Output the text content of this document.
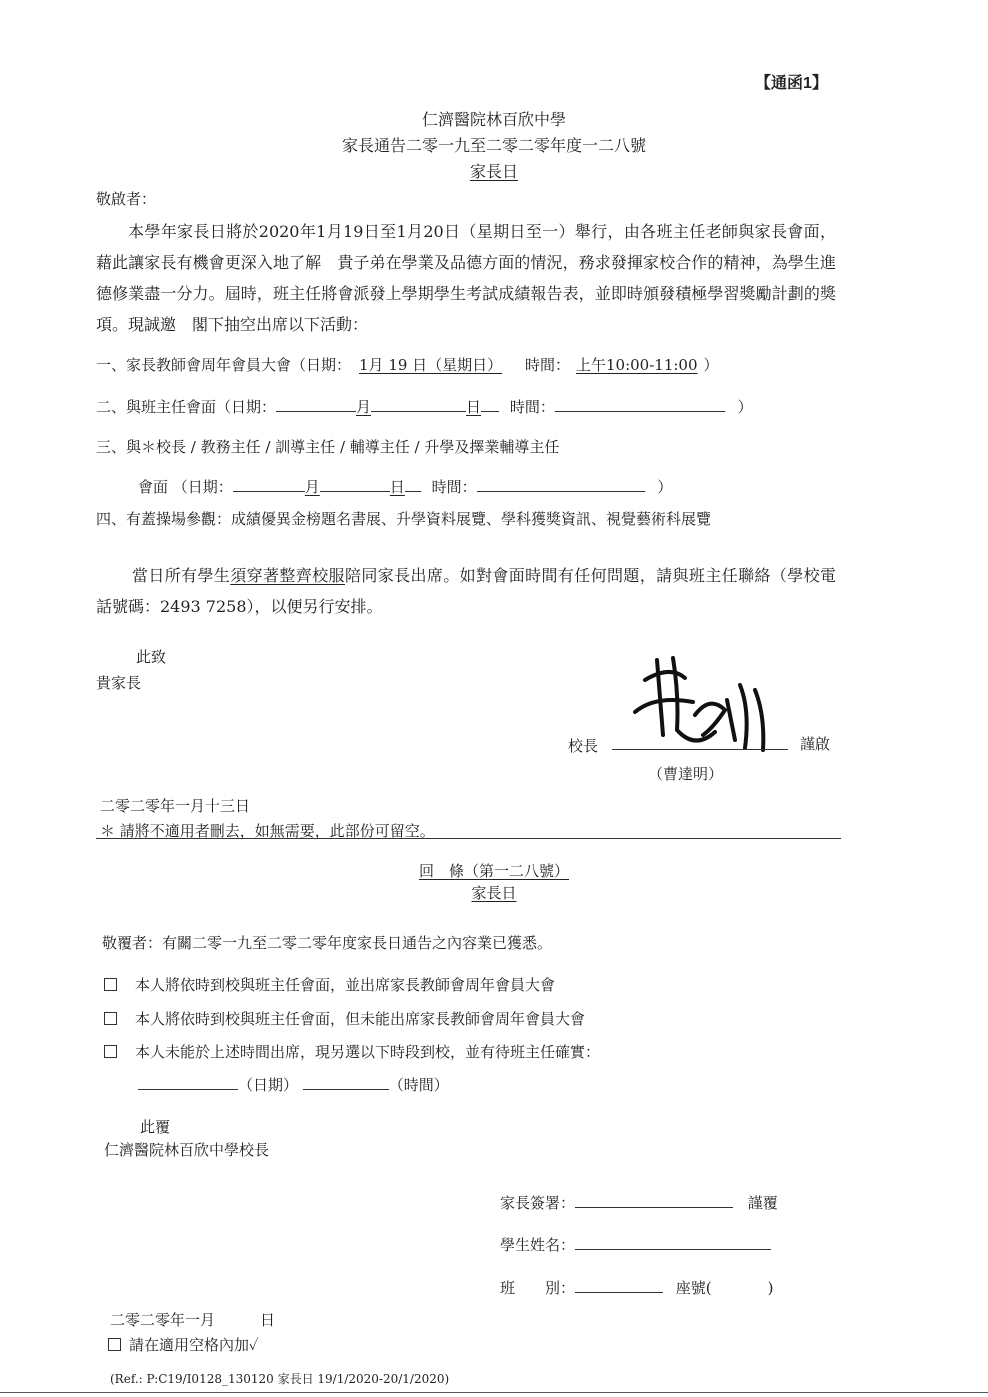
【通函1】
仁濟醫院林百欣中學
家長通告二零一九至二零二零年度一二八號
家長日
敬啟者：
本學年家長日將於2020年1月19日至1月20日（星期日至一）舉行，由各班主任老師與家長會面，藉此讓家長有機會更深入地了解　貴子弟在學業及品德方面的情況，務求發揮家校合作的精神，為學生進德修業盡一分力。屆時，班主任將會派發上學期學生考試成績報告表，並即時頒發積極學習獎勵計劃的獎項。現誠邀　閣下抽空出席以下活動：
一、家長教師會周年會員大會（日期： 1月 19 日（星期日） 時間： 上午10:00-11:00 ）
二、與班主任會面（日期：	月	日 時間：	）
三、與＊校長 / 教務主任 / 訓導主任 / 輔導主任 / 升學及擇業輔導主任
會面 （日期：	月	日 時間：	）
四、有蓋操場參觀：成績優異金榜題名書展、升學資料展覽、學科獲獎資訊、視覺藝術科展覽
當日所有學生須穿著整齊校服陪同家長出席。如對會面時間有任何問題，請與班主任聯絡（學校電話號碼：2493 7258），以便另行安排。
此致
貴家長
校長	謹啟
（曹達明）
二零二零年一月十三日
＊ 請將不適用者刪去，如無需要，此部份可留空。
回　條（第一二八號）
家長日
敬覆者：有關二零一九至二零二零年度家長日通告之內容業已獲悉。
本人將依時到校與班主任會面，並出席家長教師會周年會員大會
本人將依時到校與班主任會面，但未能出席家長教師會周年會員大會
本人未能於上述時間出席，現另選以下時段到校，並有待班主任確實：
（日期）	（時間）
此覆
仁濟醫院林百欣中學校長
家長簽署：	謹覆
學生姓名：
班　　別：	座號(	)
二零二零年一月　　　日
請在適用空格內加✓
(Ref.: P:C19/I0128_130120 家長日 19/1/2020-20/1/2020)
